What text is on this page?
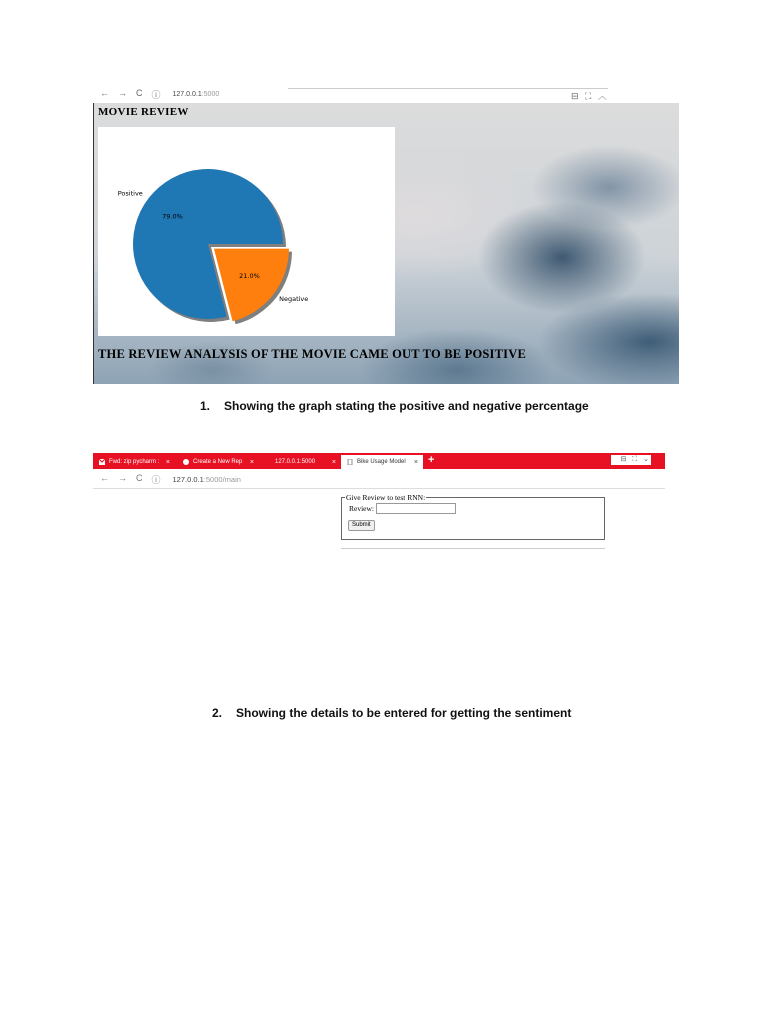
← → C ⓘ 127.0.0.1:5000	⊟ ⛶ ︿
MOVIE REVIEW
79.0%
Positive
21.0%
Negative
THE REVIEW ANALYSIS OF THE MOVIE CAME OUT TO BE POSITIVE
1. Showing the graph stating the positive and negative percentage
Fwd: zip pycharm : ×	Create a New Rep ×	127.0.0.1:5000 ×	Bike Usage Model × +	⊟ ⛶ ⌄
← → C ⓘ 127.0.0.1:5000/main
Give Review to test RNN:
Review:
Submit
2. Showing the details to be entered for getting the sentiment
